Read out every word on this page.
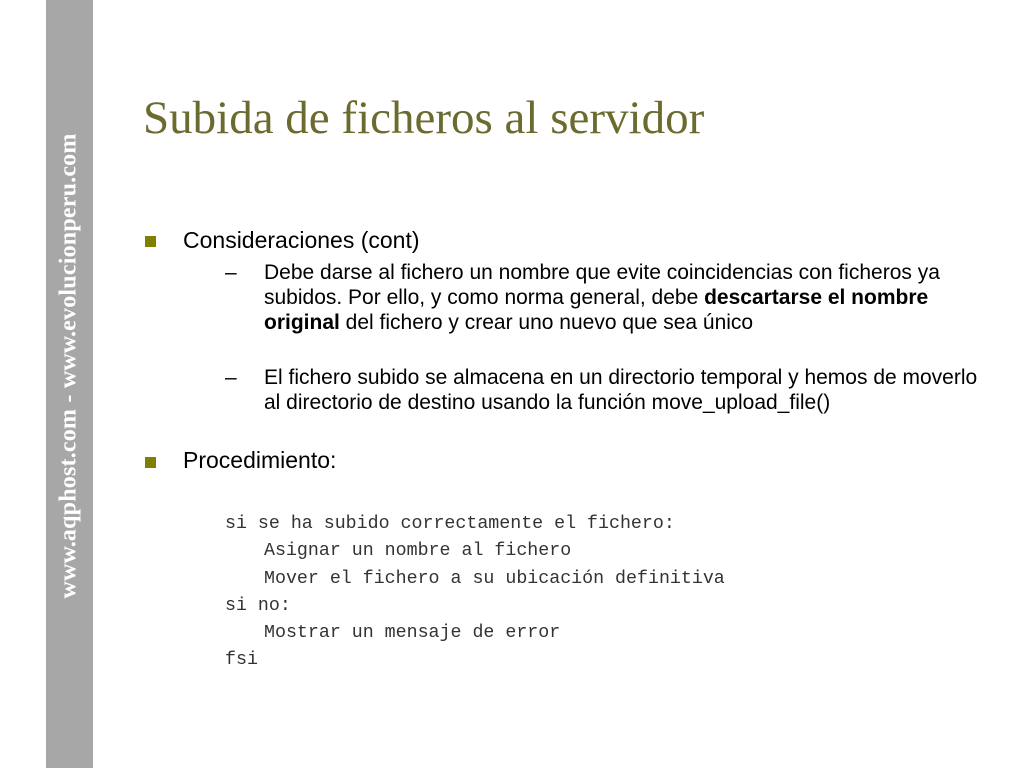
www.aqphost.com - www.evolucionperu.com
Subida de ficheros al servidor
Consideraciones (cont)
– Debe darse al fichero un nombre que evite coincidencias con ficheros ya subidos. Por ello, y como norma general, debe descartarse el nombre original del fichero y crear uno nuevo que sea único

– El fichero subido se almacena en un directorio temporal y hemos de moverlo al directorio de destino usando la función move_upload_file()

Procedimiento:
si se ha subido correctamente el fichero:
Asignar un nombre al fichero
Mover el fichero a su ubicación definitiva
si no:
Mostrar un mensaje de error
fsi
